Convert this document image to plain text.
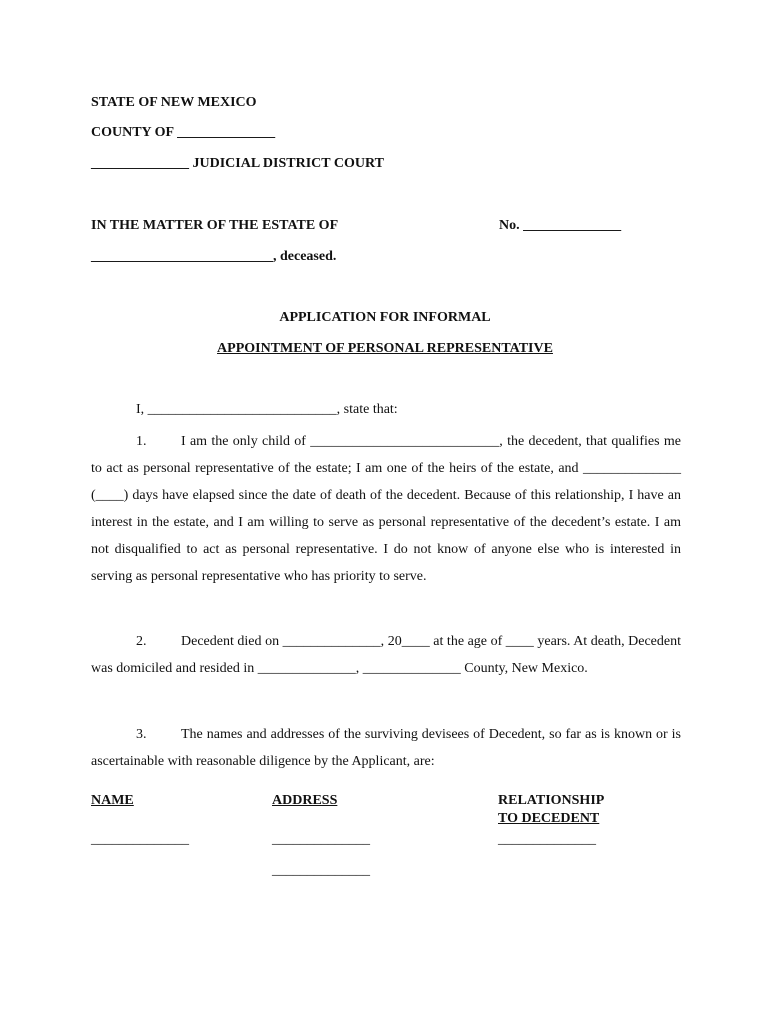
STATE OF NEW MEXICO
COUNTY OF ______________
______________ JUDICIAL DISTRICT COURT
IN THE MATTER OF THE ESTATE OF	No. ______________
__________________________, deceased.
APPLICATION FOR INFORMAL
APPOINTMENT OF PERSONAL REPRESENTATIVE
I, ___________________________, state that:
1. I am the only child of ___________________________, the decedent, that qualifies me to act as personal representative of the estate; I am one of the heirs of the estate, and ______________ (____) days have elapsed since the date of death of the decedent. Because of this relationship, I have an interest in the estate, and I am willing to serve as personal representative of the decedent’s estate. I am not disqualified to act as personal representative. I do not know of anyone else who is interested in serving as personal representative who has priority to serve.
2. Decedent died on ______________, 20____ at the age of ____ years. At death, Decedent was domiciled and resided in ______________, ______________ County, New Mexico.
3. The names and addresses of the surviving devisees of Decedent, so far as is known or is ascertainable with reasonable diligence by the Applicant, are:
NAME	ADDRESS	RELATIONSHIP
TO DECEDENT
______________	______________	______________
______________
